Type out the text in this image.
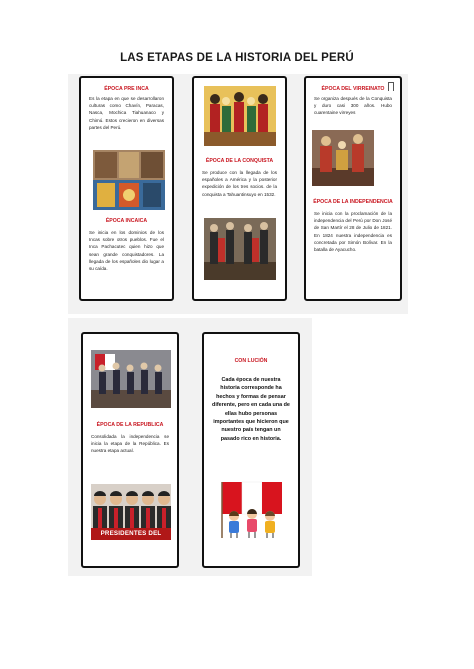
LAS ETAPAS DE LA HISTORIA DEL PERÚ
ÉPOCA PRE INCA
Es la etapa en que se desarrollaron culturas como Chavín, Paracas, Nasca, Mochica Tiahuanaco y Chimú. Estos crecieron en diversas partes del Perú.
ÉPOCA INCAICA
Se inicia en los dominios de los Incas sobre otros pueblos. Fue el Inca Pachacutec quien hizo que sean grande conquistadores. La llegada de los españoles dio lugar a su caída.
ÉPOCA DE LA CONQUISTA
Se produce con la llegada de los españoles a América y la posterior expedición de los tres socios. de la conquista a Tahuantinsuyo en 1532.
ÉPOCA DEL VIRREINATO
Se organiza después de la Conquista y duro casi 300 años. Hubo cuarentaine virreyes
ÉPOCA DE LA INDEPENDENCIA
Se inicia con la proclamación de la independencia del Perú por Don José de San Martír el 28 de Julio de 1821. En 1824 nuestra independencia es concretada por Simón Bolívar. En la batalla de Ayacucho.
ÉPOCA DE LA REPUBLICA
Consolidada la independencia se inicia la etapa de la República. Es nuestra etapa actual.
PRESIDENTES DEL PERÚ
CON LUCIÓN
Cada época de nuestra historia corresponde ha hechos y formas de pensar diferente, pero en cada una de ellas hubo personas importantes que hicieron que nuestro país tengan un pasado rico en historia.
